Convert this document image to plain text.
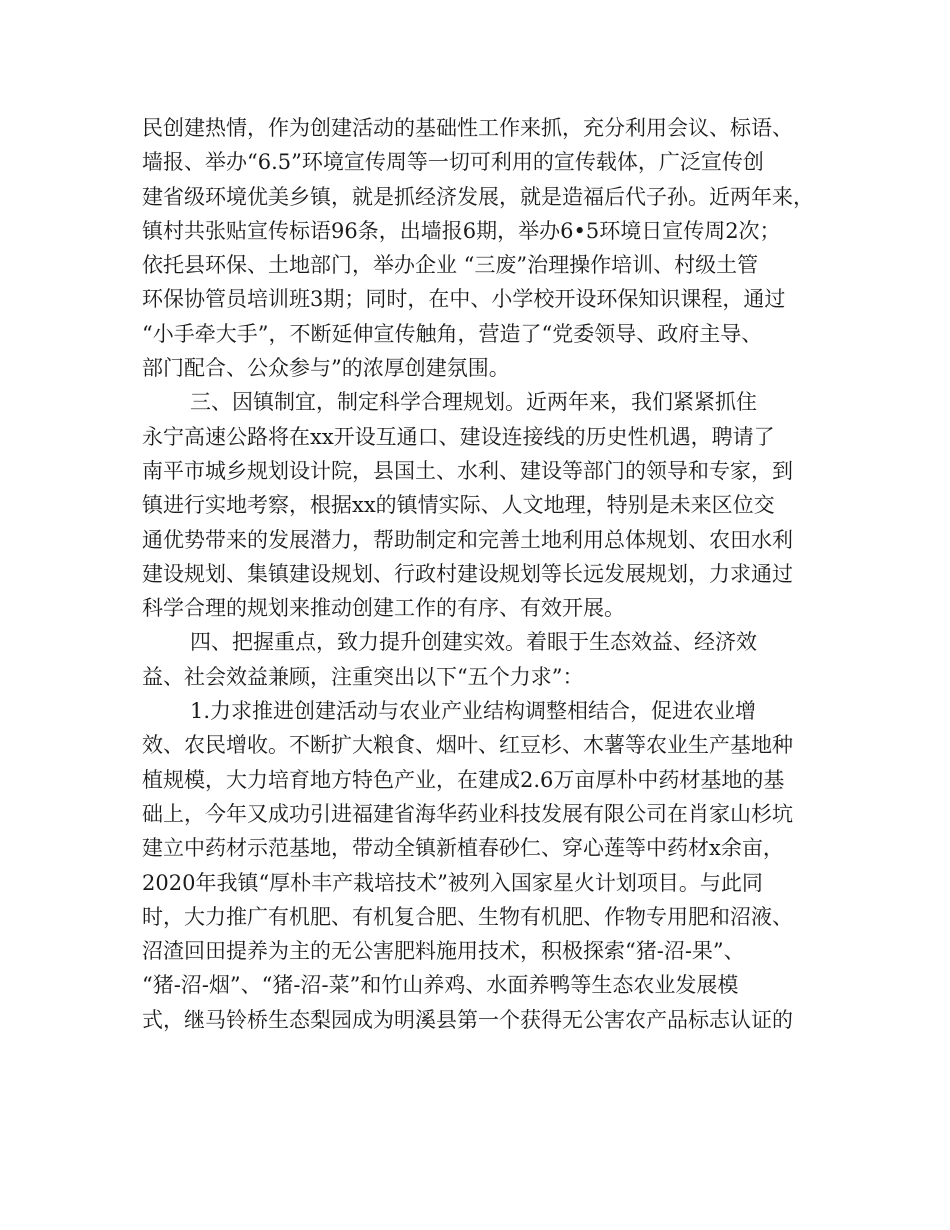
民创建热情，作为创建活动的基础性工作来抓，充分利用会议、标语、
墙报、举办“6.5”环境宣传周等一切可利用的宣传载体，广泛宣传创
建省级环境优美乡镇，就是抓经济发展，就是造福后代子孙。近两年来，
镇村共张贴宣传标语96条，出墙报6期，举办6•5环境日宣传周2次；
依托县环保、土地部门，举办企业 “三废”治理操作培训、村级土管
环保协管员培训班3期；同时，在中、小学校开设环保知识课程，通过
“小手牵大手”，不断延伸宣传触角，营造了“党委领导、政府主导、
部门配合、公众参与”的浓厚创建氛围。
三、因镇制宜，制定科学合理规划。近两年来，我们紧紧抓住
永宁高速公路将在xx开设互通口、建设连接线的历史性机遇，聘请了
南平市城乡规划设计院，县国土、水利、建设等部门的领导和专家，到
镇进行实地考察，根据xx的镇情实际、人文地理，特别是未来区位交
通优势带来的发展潜力，帮助制定和完善土地利用总体规划、农田水利
建设规划、集镇建设规划、行政村建设规划等长远发展规划，力求通过
科学合理的规划来推动创建工作的有序、有效开展。
四、把握重点，致力提升创建实效。着眼于生态效益、经济效
益、社会效益兼顾，注重突出以下“五个力求”：
1.力求推进创建活动与农业产业结构调整相结合，促进农业增
效、农民增收。不断扩大粮食、烟叶、红豆杉、木薯等农业生产基地种
植规模，大力培育地方特色产业，在建成2.6万亩厚朴中药材基地的基
础上，今年又成功引进福建省海华药业科技发展有限公司在肖家山杉坑
建立中药材示范基地，带动全镇新植春砂仁、穿心莲等中药材x余亩，
2020年我镇“厚朴丰产栽培技术”被列入国家星火计划项目。与此同
时，大力推广有机肥、有机复合肥、生物有机肥、作物专用肥和沼液、
沼渣回田提养为主的无公害肥料施用技术，积极探索“猪-沼-果”、
“猪-沼-烟”、“猪-沼-菜”和竹山养鸡、水面养鸭等生态农业发展模
式，继马铃桥生态梨园成为明溪县第一个获得无公害农产品标志认证的
